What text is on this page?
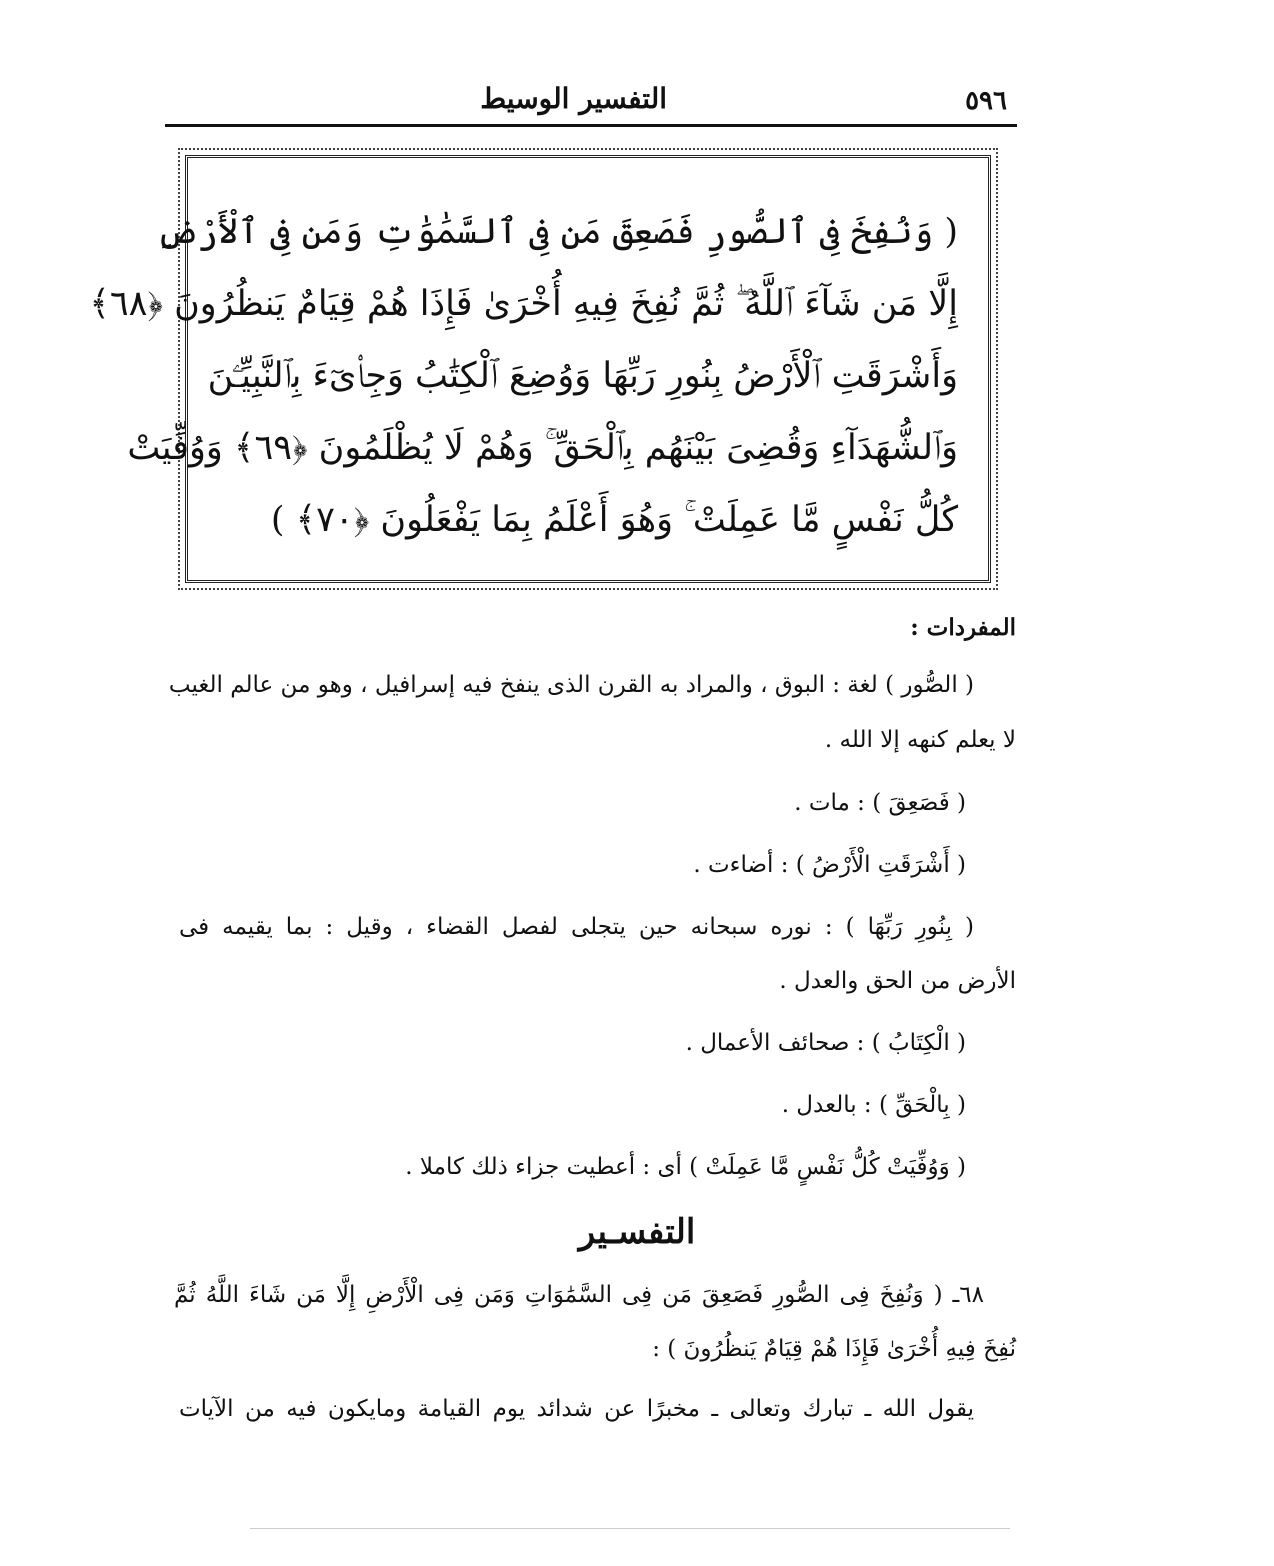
٥٩٦
التفسير الوسيط
( وَنُفِخَ فِى ٱلصُّورِ فَصَعِقَ مَن فِى ٱلسَّمَٰوَٰتِ وَمَن فِى ٱلْأَرْضِ
إِلَّا مَن شَآءَ ٱللَّهُ ۖ ثُمَّ نُفِخَ فِيهِ أُخْرَىٰ فَإِذَا هُمْ قِيَامٌ يَنظُرُونَ ﴿٦٨﴾
وَأَشْرَقَتِ ٱلْأَرْضُ بِنُورِ رَبِّهَا وَوُضِعَ ٱلْكِتَٰبُ وَجِا۟ىٓءَ بِٱلنَّبِيِّـۧنَ
وَٱلشُّهَدَآءِ وَقُضِىَ بَيْنَهُم بِٱلْحَقِّ ۚ وَهُمْ لَا يُظْلَمُونَ ﴿٦٩﴾ وَوُفِّيَتْ
كُلُّ نَفْسٍ مَّا عَمِلَتْ ۚ وَهُوَ أَعْلَمُ بِمَا يَفْعَلُونَ ﴿٧٠﴾ )
المفردات :
( الصُّور ) لغة : البوق ، والمراد به القرن الذى ينفخ فيه إسرافيل ، وهو من عالم الغيب
لا يعلم كنهه إلا الله .
( فَصَعِقَ ) : مات .
( أَشْرَقَتِ الْأَرْضُ ) : أضاءت .
( بِنُورِ رَبِّهَا ) : نوره سبحانه حين يتجلى لفصل القضاء ، وقيل : بما يقيمه فى
الأرض من الحق والعدل .
( الْكِتَابُ ) : صحائف الأعمال .
( بِالْحَقِّ ) : بالعدل .
( وَوُفِّيَتْ كُلُّ نَفْسٍ مَّا عَمِلَتْ ) أى : أعطيت جزاء ذلك كاملا .
التفسـير
٦٨ـ ( وَنُفِخَ فِى الصُّورِ فَصَعِقَ مَن فِى السَّمَٰوَاتِ وَمَن فِى الْأَرْضِ إِلَّا مَن شَاءَ اللَّهُ ثُمَّ
نُفِخَ فِيهِ أُخْرَىٰ فَإِذَا هُمْ قِيَامٌ يَنظُرُونَ ) :
يقول الله ـ تبارك وتعالى ـ مخبرًا عن شدائد يوم القيامة ومايكون فيه من الآيات
